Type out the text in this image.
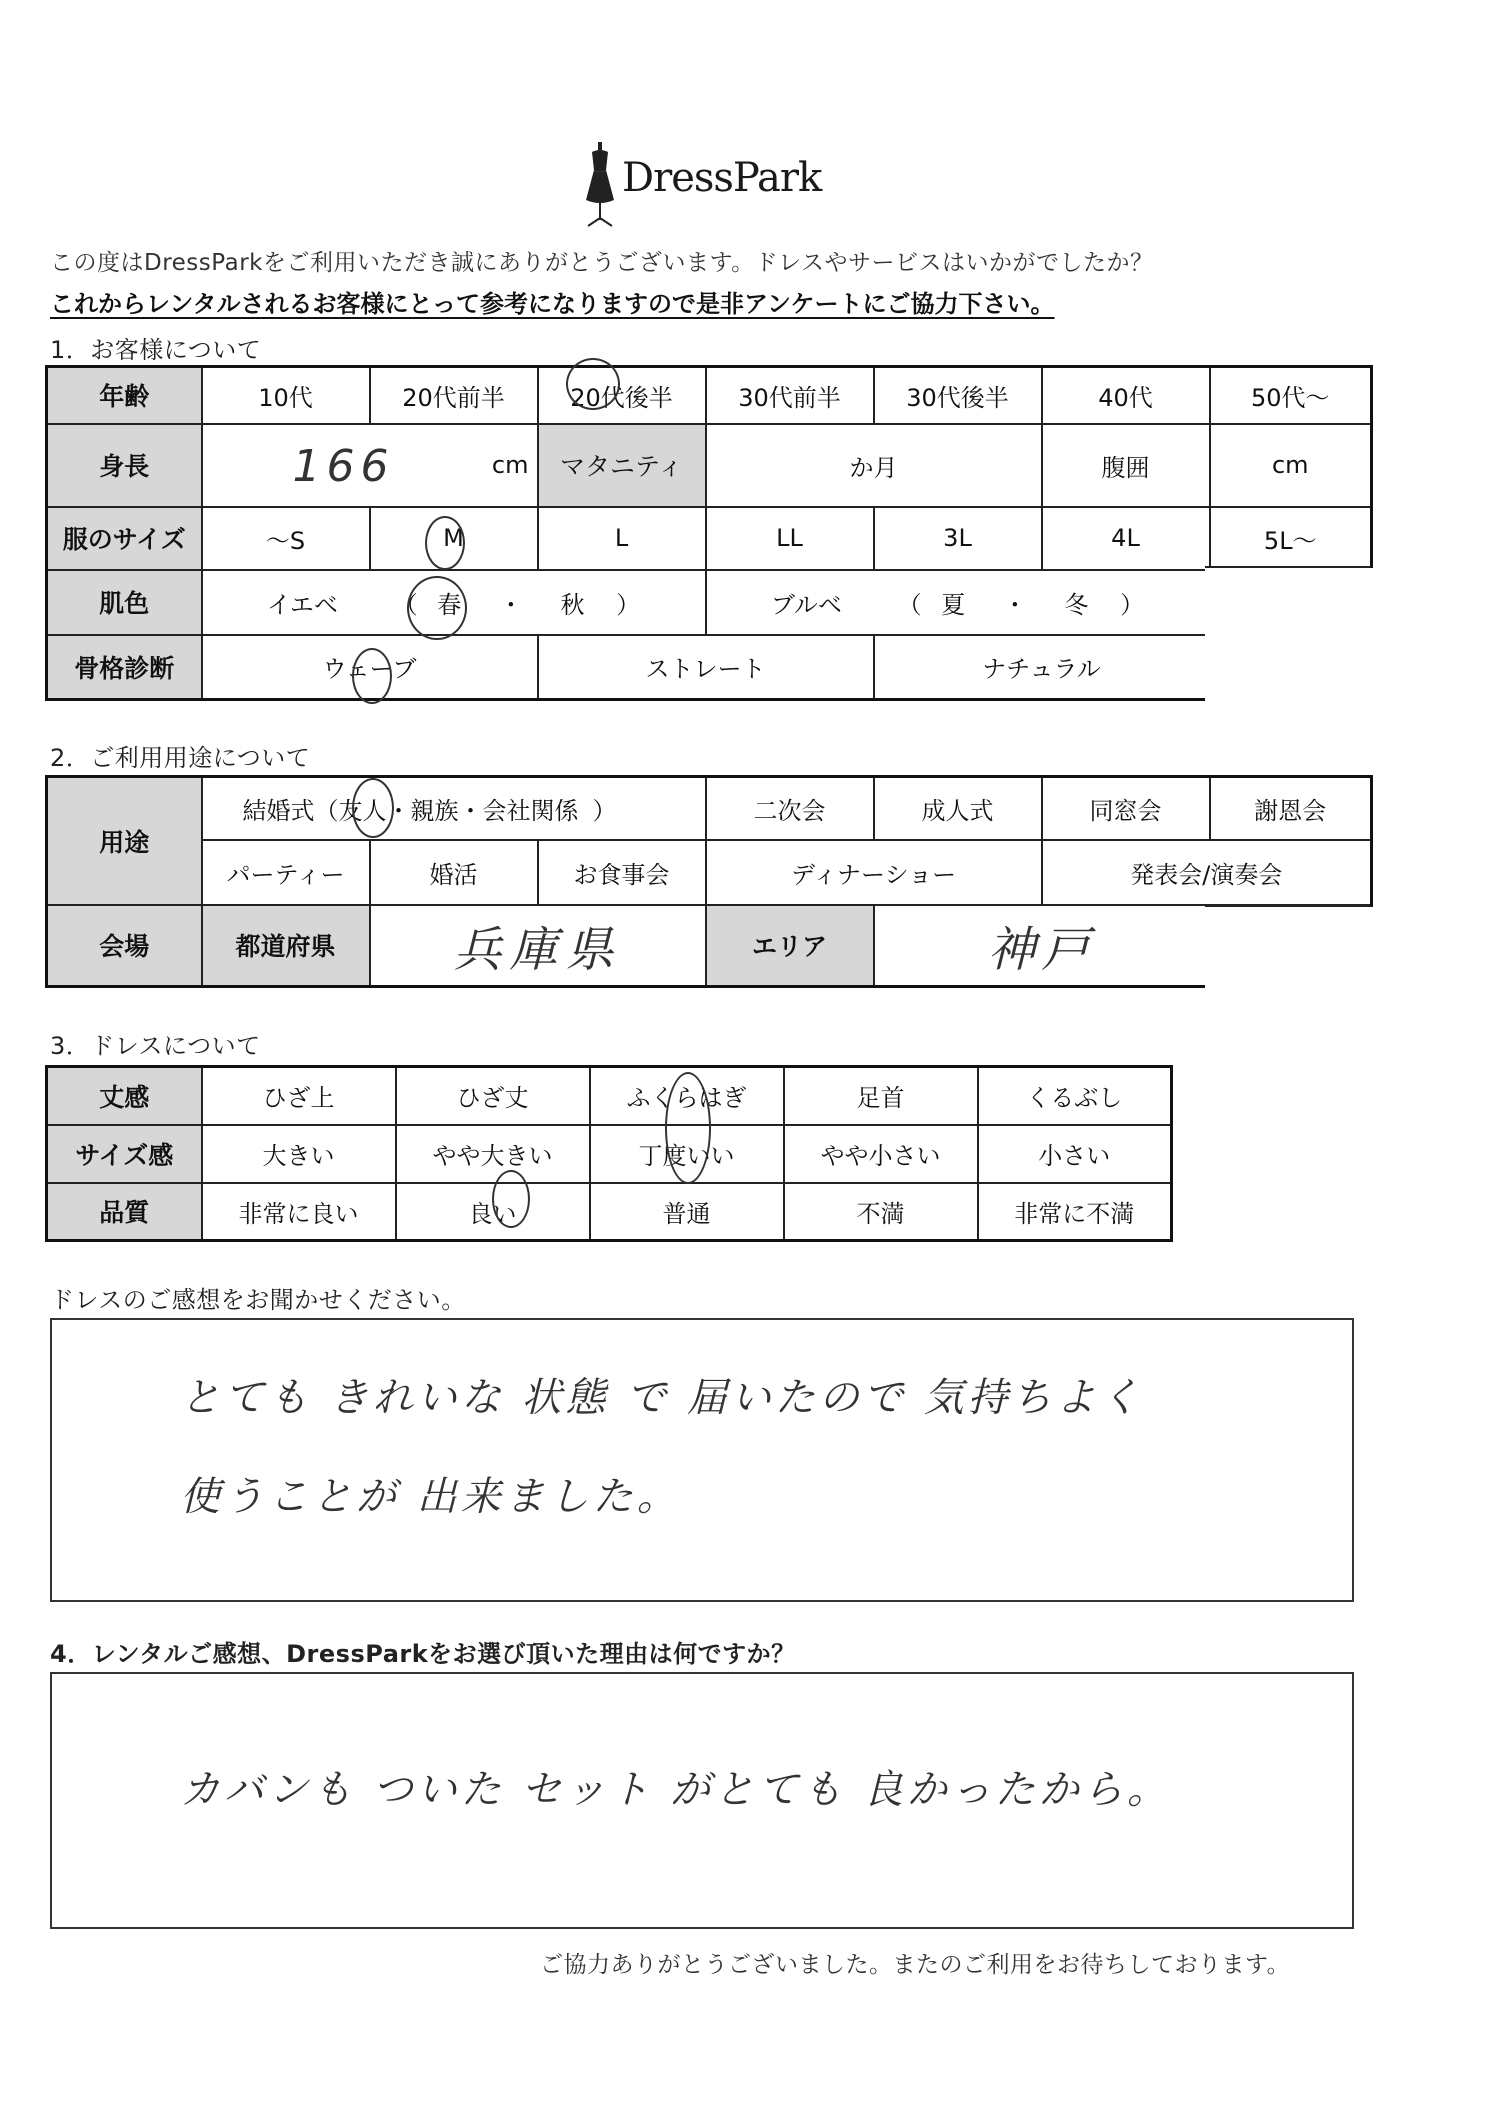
DressPark
この度はDressParkをご利用いただき誠にありがとうございます。ドレスやサービスはいかがでしたか？
これからレンタルされるお客様にとって参考になりますので是非アンケートにご協力下さい。
1．お客様について
年齢	10代	20代前半	20代後半	30代前半	30代後半	40代	50代～
身長	166 cm		マタニティ	か月		腹囲	cm
服のサイズ	～S	M	L	LL	3L	4L	5L～
肌色	イエベ （ 春 ・ 秋 ）			ブルベ （ 夏 ・ 冬 ）			
骨格診断	ウェーブ		ストレート		ナチュラル		
2．ご利用用途について
用途	結婚式（友人・親族・会社関係 ）			二次会	成人式	同窓会	謝恩会
	パーティー	婚活	お食事会	ディナーショー		発表会/演奏会	
会場	都道府県	兵庫県		エリア	神戸		
3．ドレスについて
丈感	ひざ上	ひざ丈	ふくらはぎ	足首	くるぶし
サイズ感	大きい	やや大きい	丁度いい	やや小さい	小さい
品質	非常に良い	良い	普通	不満	非常に不満
ドレスのご感想をお聞かせください。
とても きれいな 状態 で 届いたので 気持ちよく
使うことが 出来ました。
4．レンタルご感想、DressParkをお選び頂いた理由は何ですか？
カバンも ついた セット がとても 良かったから。
ご協力ありがとうございました。またのご利用をお待ちしております。
